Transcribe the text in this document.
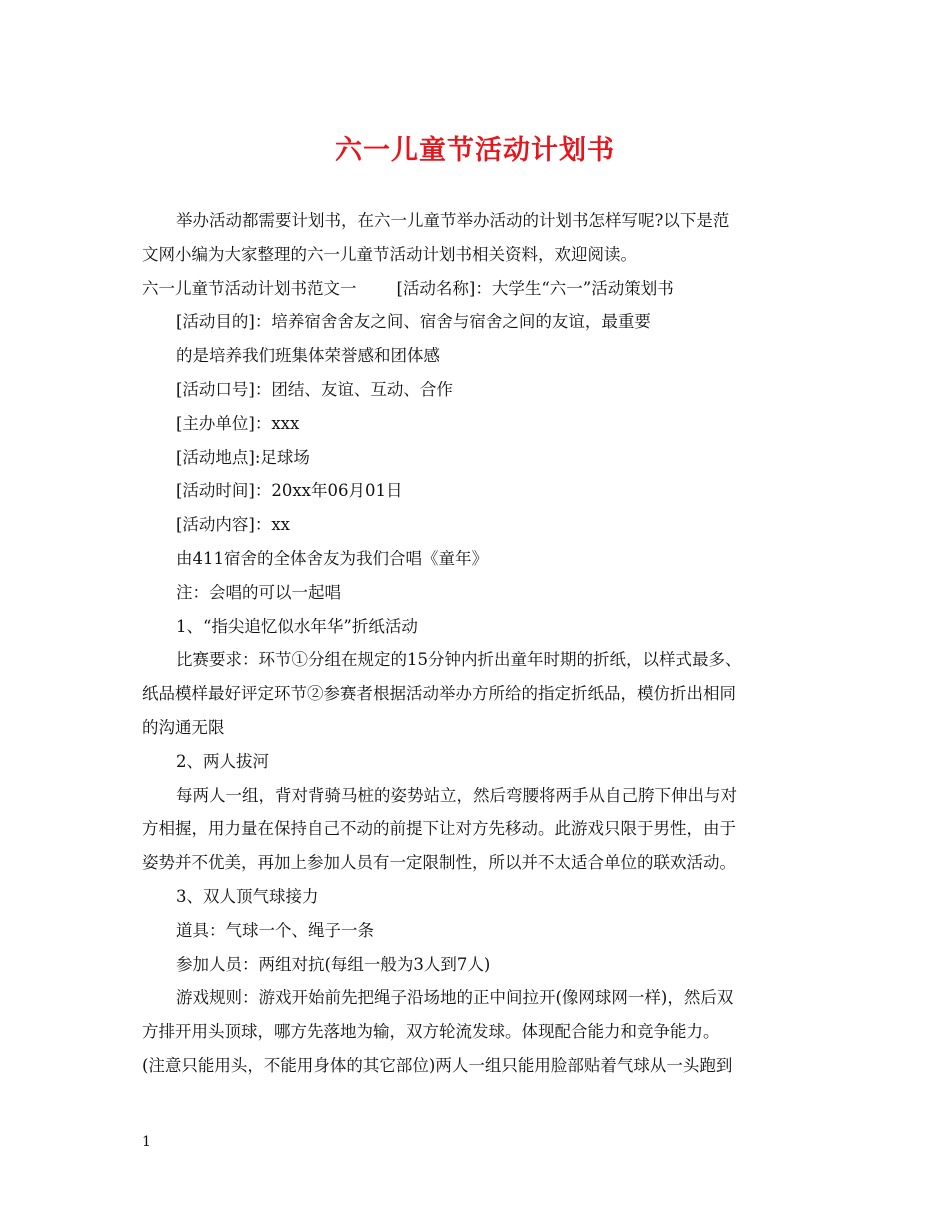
六一儿童节活动计划书

举办活动都需要计划书，在六一儿童节举办活动的计划书怎样写呢?以下是范

文网小编为大家整理的六一儿童节活动计划书相关资料，欢迎阅读。

六一儿童节活动计划书范文一 [活动名称]：大学生“六一”活动策划书

[活动目的]：培养宿舍舍友之间、宿舍与宿舍之间的友谊，最重要

的是培养我们班集体荣誉感和团体感

[活动口号]：团结、友谊、互动、合作

[主办单位]：xxx

[活动地点]:足球场

[活动时间]：20xx年06月01日

[活动内容]：xx

由411宿舍的全体舍友为我们合唱《童年》

注：会唱的可以一起唱

1、“指尖追忆似水年华”折纸活动

比赛要求：环节①分组在规定的15分钟内折出童年时期的折纸，以样式最多、

纸品模样最好评定环节②参赛者根据活动举办方所给的指定折纸品，模仿折出相同

的沟通无限

2、两人拔河

每两人一组，背对背骑马桩的姿势站立，然后弯腰将两手从自己胯下伸出与对

方相握，用力量在保持自己不动的前提下让对方先移动。此游戏只限于男性，由于

姿势并不优美，再加上参加人员有一定限制性，所以并不太适合单位的联欢活动。

3、双人顶气球接力

道具：气球一个、绳子一条

参加人员：两组对抗(每组一般为3人到7人)

游戏规则：游戏开始前先把绳子沿场地的正中间拉开(像网球网一样)，然后双

方排开用头顶球，哪方先落地为输，双方轮流发球。体现配合能力和竞争能力。

(注意只能用头，不能用身体的其它部位)两人一组只能用脸部贴着气球从一头跑到

1
